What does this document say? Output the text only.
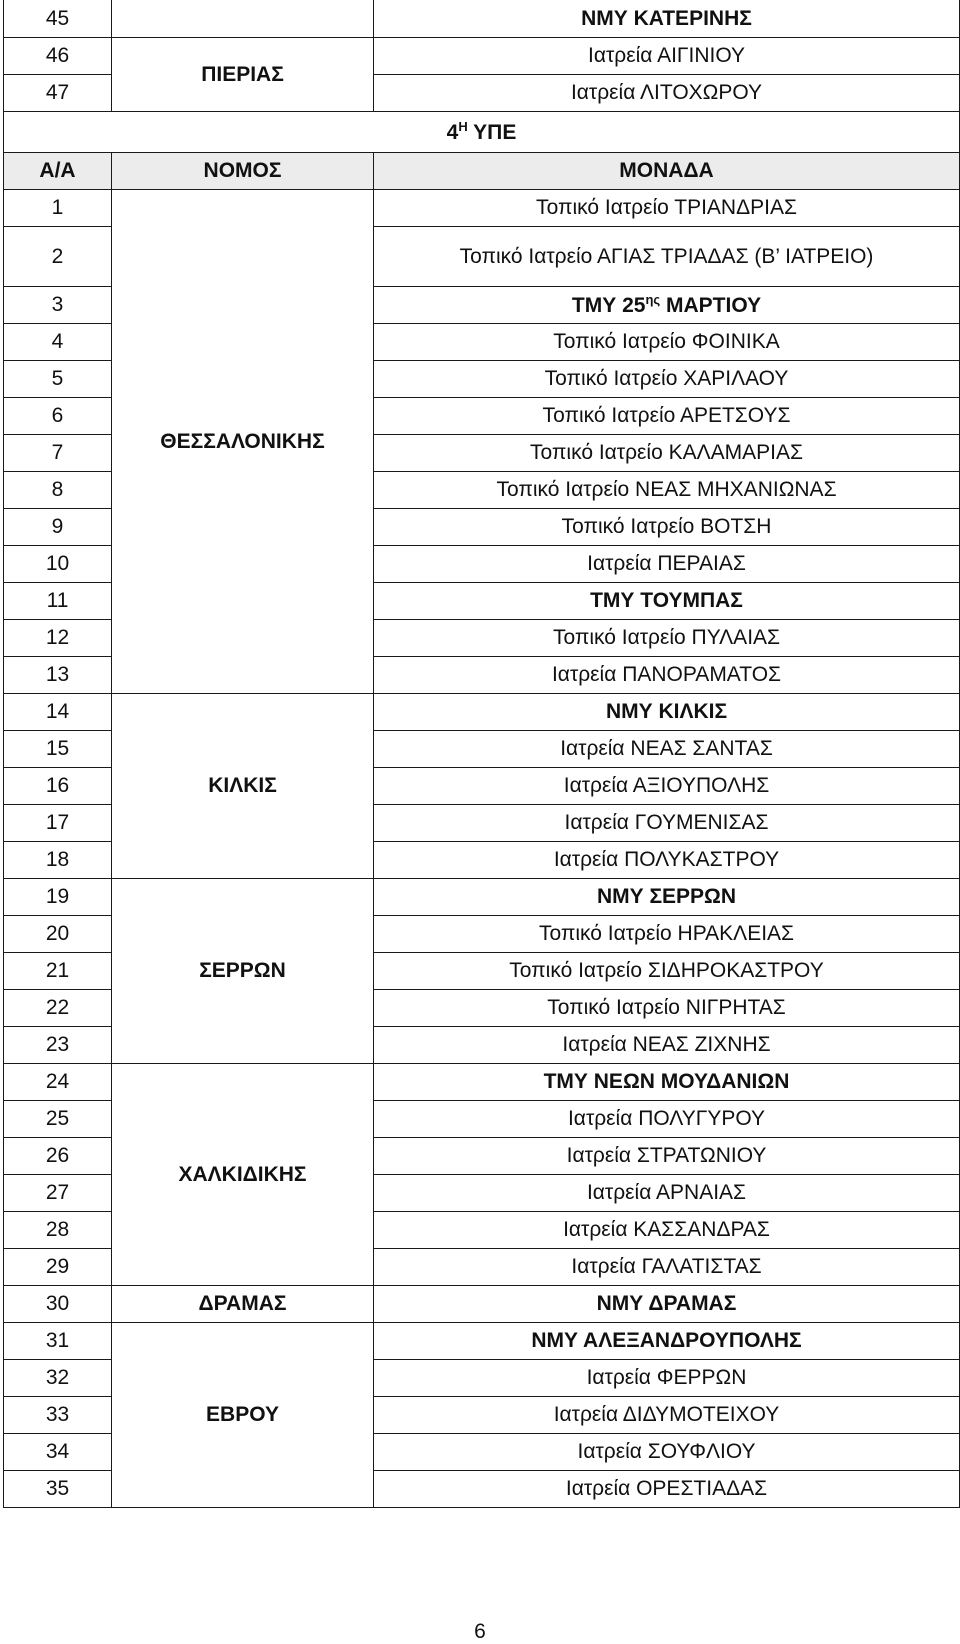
45		ΝΜΥ ΚΑΤΕΡΙΝΗΣ
46	ΠΙΕΡΙΑΣ	Ιατρεία ΑΙΓΙΝΙΟΥ
47		Ιατρεία ΛΙΤΟΧΩΡΟΥ
$4^H$ ΥΠΕ		
Α/Α	ΝΟΜΟΣ	ΜΟΝΑΔΑ
1	ΘΕΣΣΑΛΟΝΙΚΗΣ	Τοπικό Ιατρείο ΤΡΙΑΝΔΡΙΑΣ
2		Τοπικό Ιατρείο ΑΓΙΑΣ ΤΡΙΑΔΑΣ (Β’ ΙΑΤΡΕΙΟ)
3		ΤΜΥ $25^{\eta\varsigma}$ ΜΑΡΤΙΟΥ
4		Τοπικό Ιατρείο ΦΟΙΝΙΚΑ
5		Τοπικό Ιατρείο ΧΑΡΙΛΑΟΥ
6		Τοπικό Ιατρείο ΑΡΕΤΣΟΥΣ
7		Τοπικό Ιατρείο ΚΑΛΑΜΑΡΙΑΣ
8		Τοπικό Ιατρείο ΝΕΑΣ ΜΗΧΑΝΙΩΝΑΣ
9		Τοπικό Ιατρείο ΒΟΤΣΗ
10		Ιατρεία ΠΕΡΑΙΑΣ
11		ΤΜΥ ΤΟΥΜΠΑΣ
12		Τοπικό Ιατρείο ΠΥΛΑΙΑΣ
13		Ιατρεία ΠΑΝΟΡΑΜΑΤΟΣ
14	ΚΙΛΚΙΣ	ΝΜΥ ΚΙΛΚΙΣ
15		Ιατρεία ΝΕΑΣ ΣΑΝΤΑΣ
16		Ιατρεία ΑΞΙΟΥΠΟΛΗΣ
17		Ιατρεία ΓΟΥΜΕΝΙΣΑΣ
18		Ιατρεία ΠΟΛΥΚΑΣΤΡΟΥ
19	ΣΕΡΡΩΝ	ΝΜΥ ΣΕΡΡΩΝ
20		Τοπικό Ιατρείο ΗΡΑΚΛΕΙΑΣ
21		Τοπικό Ιατρείο ΣΙΔΗΡΟΚΑΣΤΡΟΥ
22		Τοπικό Ιατρείο ΝΙΓΡΗΤΑΣ
23		Ιατρεία ΝΕΑΣ ΖΙΧΝΗΣ
24	ΧΑΛΚΙΔΙΚΗΣ	ΤΜΥ ΝΕΩΝ ΜΟΥΔΑΝΙΩΝ
25		Ιατρεία ΠΟΛΥΓΥΡΟΥ
26		Ιατρεία ΣΤΡΑΤΩΝΙΟΥ
27		Ιατρεία ΑΡΝΑΙΑΣ
28		Ιατρεία ΚΑΣΣΑΝΔΡΑΣ
29		Ιατρεία ΓΑΛΑΤΙΣΤΑΣ
30	ΔΡΑΜΑΣ	ΝΜΥ ΔΡΑΜΑΣ
31	ΕΒΡΟΥ	ΝΜΥ ΑΛΕΞΑΝΔΡΟΥΠΟΛΗΣ
32		Ιατρεία ΦΕΡΡΩΝ
33		Ιατρεία ΔΙΔΥΜΟΤΕΙΧΟΥ
34		Ιατρεία ΣΟΥΦΛΙΟΥ
35		Ιατρεία ΟΡΕΣΤΙΑΔΑΣ
6
